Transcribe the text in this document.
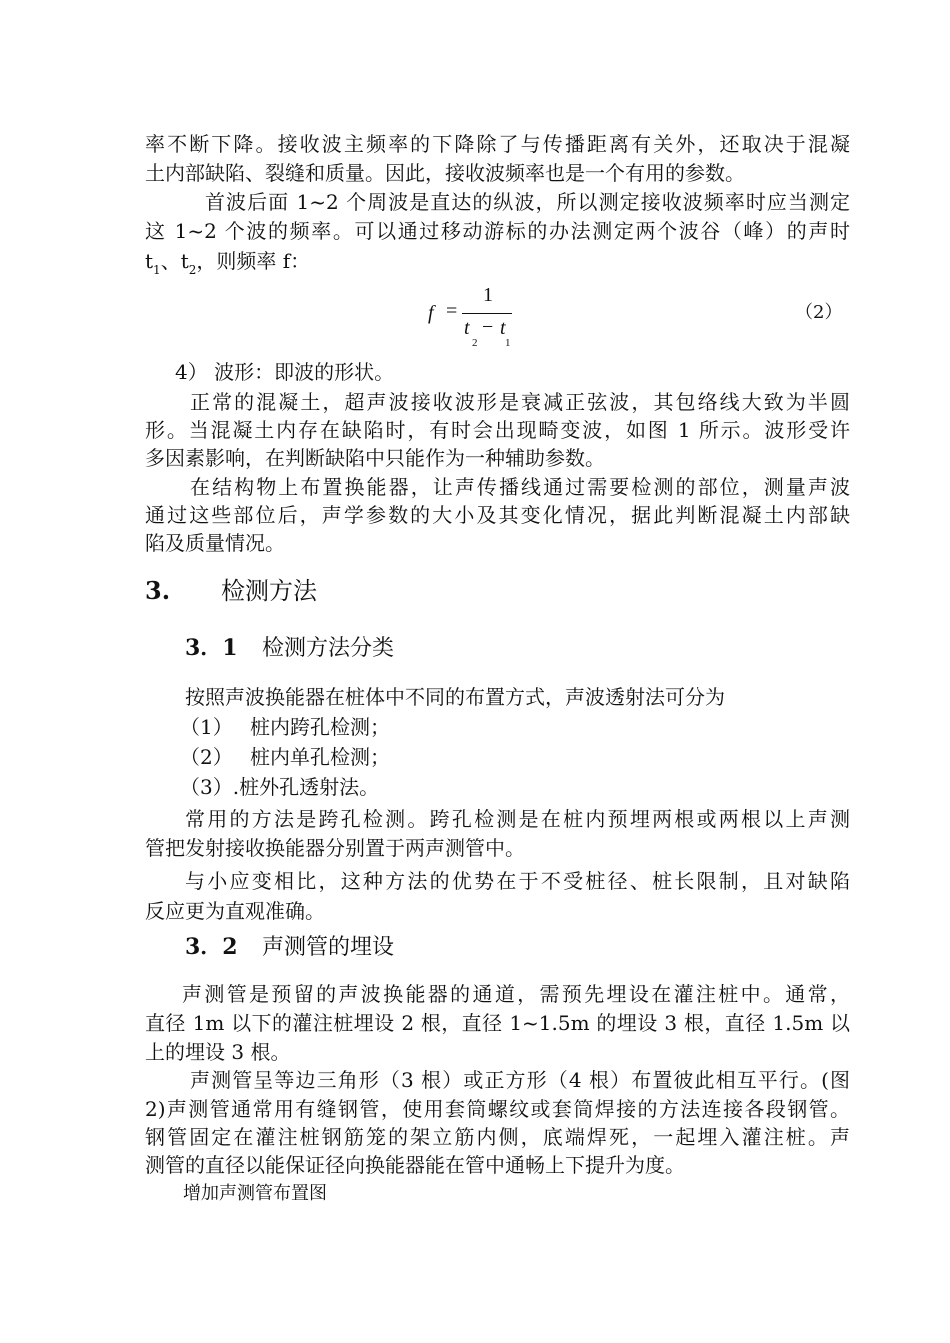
率不断下降。接收波主频率的下降除了与传播距离有关外，还取决于混凝
土内部缺陷、裂缝和质量。因此，接收波频率也是一个有用的参数。
首波后面 1~2 个周波是直达的纵波，所以测定接收波频率时应当测定
这 1~2 个波的频率。可以通过移动游标的办法测定两个波谷（峰）的声时
$t_1$、$t_2$，则频率 f：
f =
1
t − t
2	1
（2）
4） 波形：即波的形状。
正常的混凝土，超声波接收波形是衰减正弦波，其包络线大致为半圆
形。当混凝土内存在缺陷时，有时会出现畸变波，如图 1 所示。波形受许
多因素影响，在判断缺陷中只能作为一种辅助参数。
在结构物上布置换能器，让声传播线通过需要检测的部位，测量声波
通过这些部位后，声学参数的大小及其变化情况，据此判断混凝土内部缺
陷及质量情况。
3. 检测方法
3．1 检测方法分类
按照声波换能器在桩体中不同的布置方式，声波透射法可分为
（1） 桩内跨孔检测；
（2） 桩内单孔检测；
（3）.桩外孔透射法。
常用的方法是跨孔检测。跨孔检测是在桩内预埋两根或两根以上声测
管把发射接收换能器分别置于两声测管中。
与小应变相比，这种方法的优势在于不受桩径、桩长限制，且对缺陷
反应更为直观准确。
3．2 声测管的埋设
声测管是预留的声波换能器的通道，需预先埋设在灌注桩中。通常，
直径 1m 以下的灌注桩埋设 2 根，直径 1~1.5m 的埋设 3 根，直径 1.5m 以
上的埋设 3 根。
声测管呈等边三角形（3 根）或正方形（4 根）布置彼此相互平行。(图
2)声测管通常用有缝钢管，使用套筒螺纹或套筒焊接的方法连接各段钢管。
钢管固定在灌注桩钢筋笼的架立筋内侧，底端焊死，一起埋入灌注桩。声
测管的直径以能保证径向换能器能在管中通畅上下提升为度。
增加声测管布置图
